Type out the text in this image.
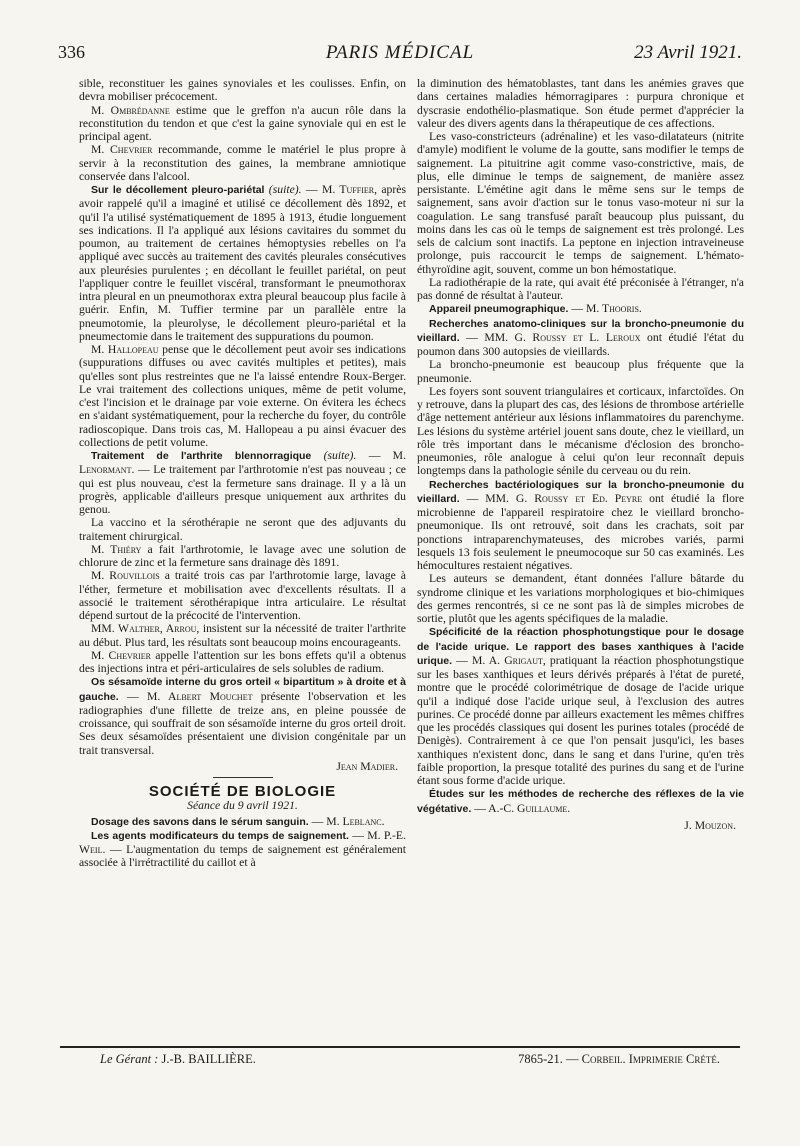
336	PARIS MÉDICAL	23 Avril 1921.

sible, reconstituer les gaines synoviales et les coulisses. Enfin, on devra mobiliser précocement.

M. Ombrédanne estime que le greffon n'a aucun rôle dans la reconstitution du tendon et que c'est la gaine synoviale qui en est le principal agent.

M. Chevrier recommande, comme le matériel le plus propre à servir à la reconstitution des gaines, la membrane amniotique conservée dans l'alcool.

Sur le décollement pleuro-pariétal (suite). — M. Tuffier, après avoir rappelé qu'il a imaginé et utilisé ce décollement dès 1892, et qu'il l'a utilisé systématiquement de 1895 à 1913, étudie longuement ses indications. Il l'a appliqué aux lésions cavitaires du sommet du poumon, au traitement de certaines hémoptysies rebelles on l'a appliqué avec succès au traitement des cavités pleurales consécutives aux pleurésies purulentes ; en décollant le feuillet pariétal, on peut l'appliquer contre le feuillet viscéral, transformant le pneumothorax intra pleural en un pneumothorax extra pleural beaucoup plus facile à guérir. Enfin, M. Tuffier termine par un parallèle entre la pneumotomie, la pleurolyse, le décollement pleuro-pariétal et la pneumectomie dans le traitement des suppurations du poumon.

M. Hallopeau pense que le décollement peut avoir ses indications (suppurations diffuses ou avec cavités multiples et petites), mais qu'elles sont plus restreintes que ne l'a laissé entendre Roux-Berger. Le vrai traitement des collections uniques, même de petit volume, c'est l'incision et le drainage par voie externe. On évitera les échecs en s'aidant systématiquement, pour la recherche du foyer, du contrôle radioscopique. Dans trois cas, M. Hallopeau a pu ainsi évacuer des collections de petit volume.

Traitement de l'arthrite blennorragique (suite). — M. Lenormant. — Le traitement par l'arthrotomie n'est pas nouveau ; ce qui est plus nouveau, c'est la fermeture sans drainage. Il y a là un progrès, applicable d'ailleurs presque uniquement aux arthrites du genou.

La vaccino et la sérothérapie ne seront que des adjuvants du traitement chirurgical.

M. Thiéry a fait l'arthrotomie, le lavage avec une solution de chlorure de zinc et la fermeture sans drainage dès 1891.

M. Rouvillois a traité trois cas par l'arthrotomie large, lavage à l'éther, fermeture et mobilisation avec d'excellents résultats. Il a associé le traitement sérothérapique intra articulaire. Le résultat dépend surtout de la précocité de l'intervention.

MM. Walther, Arrou, insistent sur la nécessité de traiter l'arthrite au début. Plus tard, les résultats sont beaucoup moins encourageants.

M. Chevrier appelle l'attention sur les bons effets qu'il a obtenus des injections intra et péri-articulaires de sels solubles de radium.

Os sésamoïde interne du gros orteil « bipartitum » à droite et à gauche. — M. Albert Mouchet présente l'observation et les radiographies d'une fillette de treize ans, en pleine poussée de croissance, qui souffrait de son sésamoïde interne du gros orteil droit. Ses deux sésamoïdes présentaient une division congénitale par un trait transversal.

Jean Madier.
SOCIÉTÉ DE BIOLOGIE
Séance du 9 avril 1921.

Dosage des savons dans le sérum sanguin. — M. Leblanc.

Les agents modificateurs du temps de saignement. — M. P.-E. Weil. — L'augmentation du temps de saignement est généralement associée à l'irrétractilité du caillot et à

la diminution des hématoblastes, tant dans les anémies graves que dans certaines maladies hémorragipares : purpura chronique et dyscrasie endothélio-plasmatique. Son étude permet d'apprécier la valeur des divers agents dans la thérapeutique de ces affections.

Les vaso-constricteurs (adrénaline) et les vaso-dilatateurs (nitrite d'amyle) modifient le volume de la goutte, sans modifier le temps de saignement. La pituitrine agit comme vaso-constrictive, mais, de plus, elle diminue le temps de saignement, de manière assez persistante. L'émétine agit dans le même sens sur le temps de saignement, sans avoir d'action sur le tonus vaso-moteur ni sur la coagulation. Le sang transfusé paraît beaucoup plus puissant, du moins dans les cas où le temps de saignement est très prolongé. Les sels de calcium sont inactifs. La peptone en injection intraveineuse prolonge, puis raccourcit le temps de saignement. L'hémato-éthyroïdine agit, souvent, comme un bon hémostatique.

La radiothérapie de la rate, qui avait été préconisée à l'étranger, n'a pas donné de résultat à l'auteur.

Appareil pneumographique. — M. Thooris.

Recherches anatomo-cliniques sur la broncho-pneumonie du vieillard. — MM. G. Roussy et L. Leroux ont étudié l'état du poumon dans 300 autopsies de vieillards.

La broncho-pneumonie est beaucoup plus fréquente que la pneumonie.

Les foyers sont souvent triangulaires et corticaux, infarctoïdes. On y retrouve, dans la plupart des cas, des lésions de thrombose artérielle d'âge nettement antérieur aux lésions inflammatoires du parenchyme. Les lésions du système artériel jouent sans doute, chez le vieillard, un rôle très important dans le mécanisme d'éclosion des broncho-pneumonies, rôle analogue à celui qu'on leur reconnaît depuis longtemps dans la pathologie sénile du cerveau ou du rein.

Recherches bactériologiques sur la broncho-pneumonie du vieillard. — MM. G. Roussy et Ed. Peyre ont étudié la flore microbienne de l'appareil respiratoire chez le vieillard broncho-pneumonique. Ils ont retrouvé, soit dans les crachats, soit par ponctions intraparenchymateuses, des microbes variés, parmi lesquels 13 fois seulement le pneumocoque sur 50 cas examinés. Les hémocultures restaient négatives.

Les auteurs se demandent, étant données l'allure bâtarde du syndrome clinique et les variations morphologiques et bio-chimiques des germes rencontrés, si ce ne sont pas là de simples microbes de sortie, plutôt que les agents spécifiques de la maladie.

Spécificité de la réaction phosphotungstique pour le dosage de l'acide urique. Le rapport des bases xanthiques à l'acide urique. — M. A. Grigaut, pratiquant la réaction phosphotungstique sur les bases xanthiques et leurs dérivés préparés à l'état de pureté, montre que le procédé colorimétrique de dosage de l'acide urique qu'il a indiqué dose l'acide urique seul, à l'exclusion des autres purines. Ce procédé donne par ailleurs exactement les mêmes chiffres que les procédés classiques qui dosent les purines totales (procédé de Denigès). Contrairement à ce que l'on pensait jusqu'ici, les bases xanthiques n'existent donc, dans le sang et dans l'urine, qu'en très faible proportion, la presque totalité des purines du sang et de l'urine étant sous forme d'acide urique.

Études sur les méthodes de recherche des réflexes de la vie végétative. — A.-C. Guillaume.

J. Mouzon.
Le Gérant : J.-B. BAILLIÈRE.	7865-21. — Corbeil. Imprimerie Crété.
